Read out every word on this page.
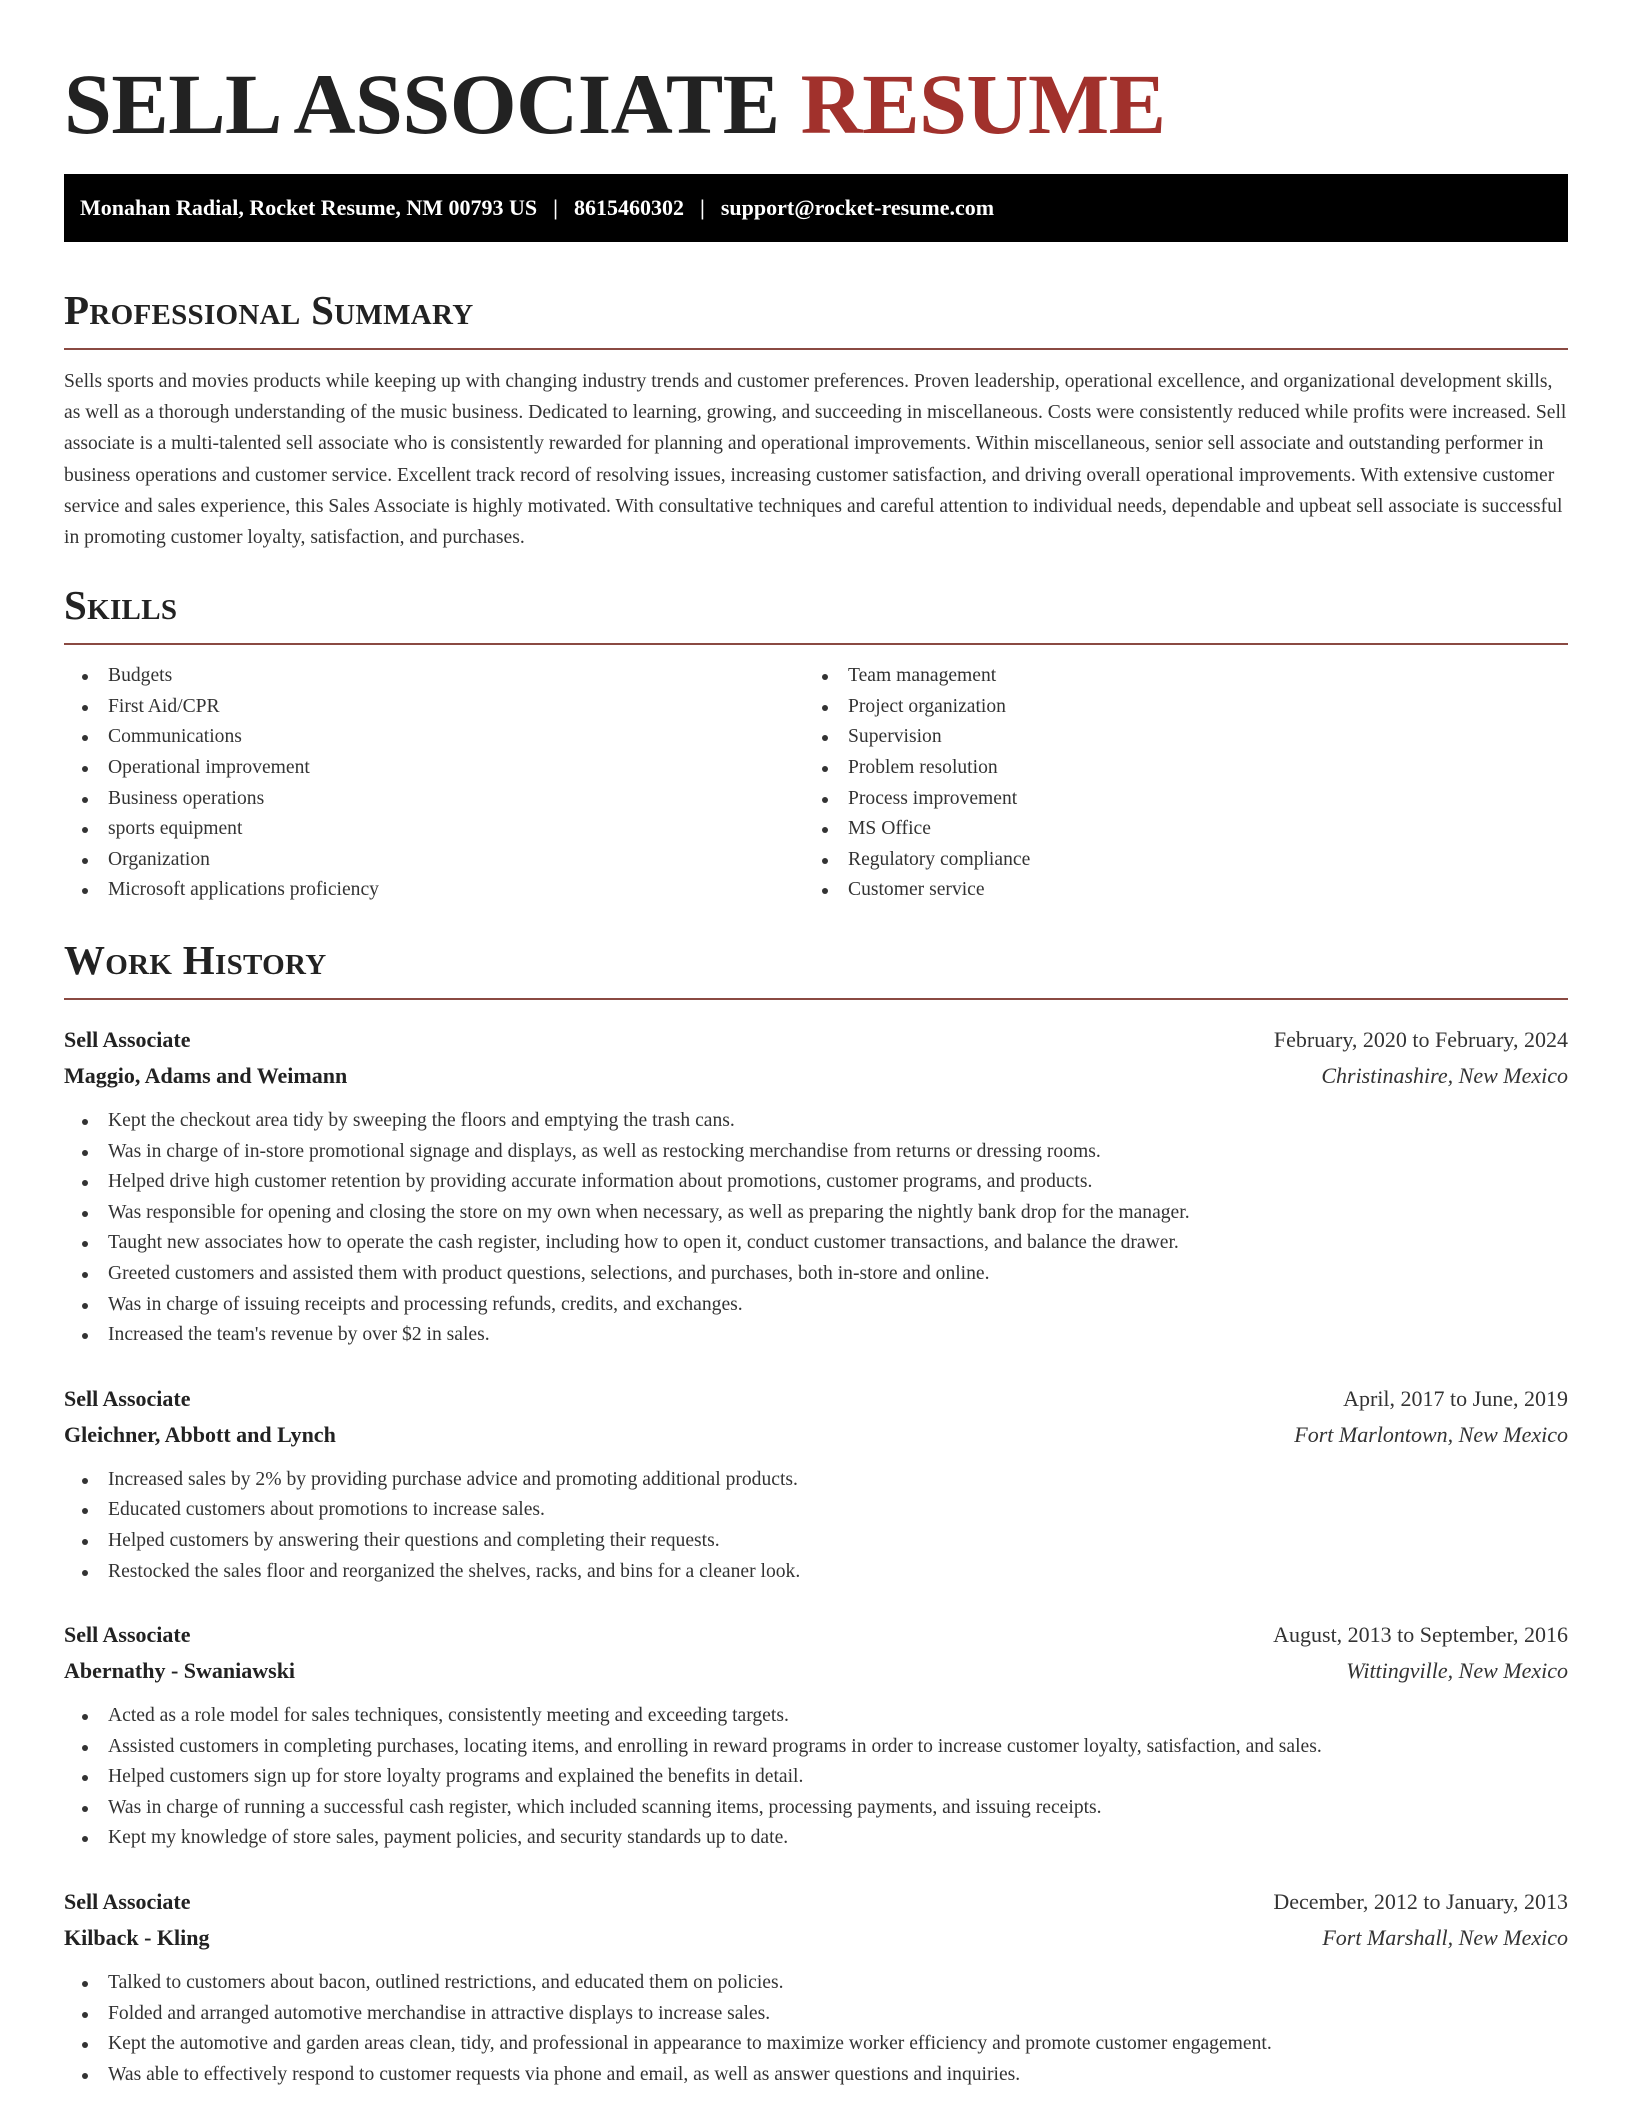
SELL ASSOCIATE RESUME
Monahan Radial, Rocket Resume, NM 00793 US | 8615460302 | support@rocket-resume.com
Professional Summary

Sells sports and movies products while keeping up with changing industry trends and customer preferences. Proven leadership, operational excellence, and organizational development skills, as well as a thorough understanding of the music business. Dedicated to learning, growing, and succeeding in miscellaneous. Costs were consistently reduced while profits were increased. Sell associate is a multi-talented sell associate who is consistently rewarded for planning and operational improvements. Within miscellaneous, senior sell associate and outstanding performer in business operations and customer service. Excellent track record of resolving issues, increasing customer satisfaction, and driving overall operational improvements. With extensive customer service and sales experience, this Sales Associate is highly motivated. With consultative techniques and careful attention to individual needs, dependable and upbeat sell associate is successful in promoting customer loyalty, satisfaction, and purchases.

Skills
Budgets
First Aid/CPR
Communications
Operational improvement
Business operations
sports equipment
Organization
Microsoft applications proficiency
Team management
Project organization
Supervision
Problem resolution
Process improvement
MS Office
Regulatory compliance
Customer service
Work History
Sell Associate	February, 2020 to February, 2024
Maggio, Adams and Weimann	Christinashire, New Mexico
Kept the checkout area tidy by sweeping the floors and emptying the trash cans.
Was in charge of in-store promotional signage and displays, as well as restocking merchandise from returns or dressing rooms.
Helped drive high customer retention by providing accurate information about promotions, customer programs, and products.
Was responsible for opening and closing the store on my own when necessary, as well as preparing the nightly bank drop for the manager.
Taught new associates how to operate the cash register, including how to open it, conduct customer transactions, and balance the drawer.
Greeted customers and assisted them with product questions, selections, and purchases, both in-store and online.
Was in charge of issuing receipts and processing refunds, credits, and exchanges.
Increased the team's revenue by over $2 in sales.
Sell Associate	April, 2017 to June, 2019
Gleichner, Abbott and Lynch	Fort Marlontown, New Mexico
Increased sales by 2% by providing purchase advice and promoting additional products.
Educated customers about promotions to increase sales.
Helped customers by answering their questions and completing their requests.
Restocked the sales floor and reorganized the shelves, racks, and bins for a cleaner look.
Sell Associate	August, 2013 to September, 2016
Abernathy - Swaniawski	Wittingville, New Mexico
Acted as a role model for sales techniques, consistently meeting and exceeding targets.
Assisted customers in completing purchases, locating items, and enrolling in reward programs in order to increase customer loyalty, satisfaction, and sales.
Helped customers sign up for store loyalty programs and explained the benefits in detail.
Was in charge of running a successful cash register, which included scanning items, processing payments, and issuing receipts.
Kept my knowledge of store sales, payment policies, and security standards up to date.
Sell Associate	December, 2012 to January, 2013
Kilback - Kling	Fort Marshall, New Mexico
Talked to customers about bacon, outlined restrictions, and educated them on policies.
Folded and arranged automotive merchandise in attractive displays to increase sales.
Kept the automotive and garden areas clean, tidy, and professional in appearance to maximize worker efficiency and promote customer engagement.
Was able to effectively respond to customer requests via phone and email, as well as answer questions and inquiries.
